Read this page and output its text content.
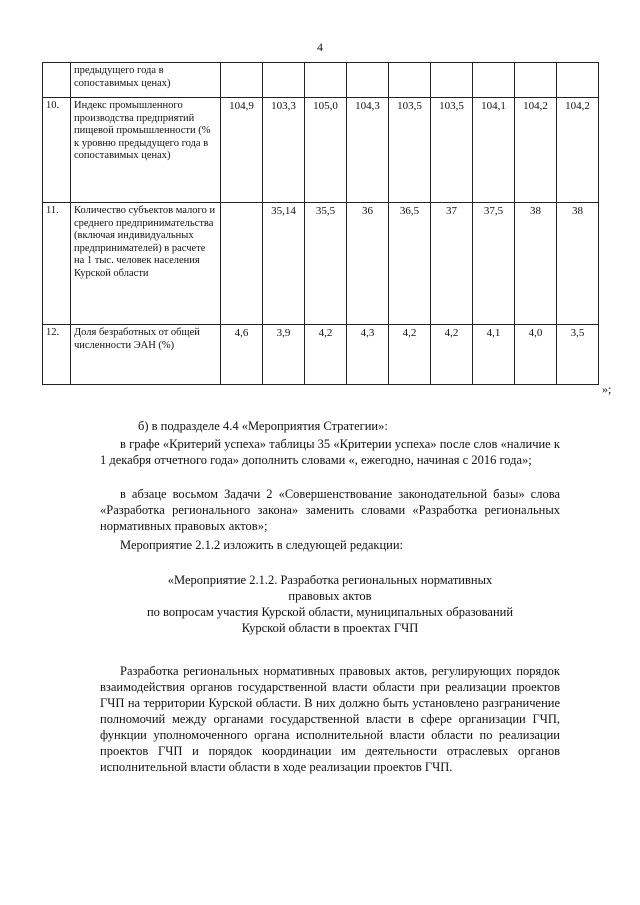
4
	предыдущего года в сопоставимых ценах)									
10.	Индекс промышленного производства предприятий пищевой промышленности (% к уровню предыдущего года в сопоставимых ценах)	104,9	103,3	105,0	104,3	103,5	103,5	104,1	104,2	104,2
11.	Количество субъектов малого и среднего предпринимательства (включая индивидуальных предпринимателей) в расчете на 1 тыс. человек населения Курской области		35,14	35,5	36	36,5	37	37,5	38	38
12.	Доля безработных от общей численности ЭАН (%)	4,6	3,9	4,2	4,3	4,2	4,2	4,1	4,0	3,5
»;
б) в подразделе 4.4 «Мероприятия Стратегии»:
в графе «Критерий успеха» таблицы 35 «Критерии успеха» после слов «наличие к 1 декабря отчетного года» дополнить словами «, ежегодно, начиная с 2016 года»;
в абзаце восьмом Задачи 2 «Совершенствование законодательной базы» слова «Разработка регионального закона» заменить словами «Разработка региональных нормативных правовых актов»;
Мероприятие 2.1.2 изложить в следующей редакции:
«Мероприятие 2.1.2. Разработка региональных нормативных
правовых актов
по вопросам участия Курской области, муниципальных образований
Курской области в проектах ГЧП
Разработка региональных нормативных правовых актов, регулирующих порядок взаимодействия органов государственной власти области при реализации проектов ГЧП на территории Курской области. В них должно быть установлено разграничение полномочий между органами государственной власти в сфере организации ГЧП, функции уполномоченного органа исполнительной власти области по реализации проектов ГЧП и порядок координации им деятельности отраслевых органов исполнительной власти области в ходе реализации проектов ГЧП.
